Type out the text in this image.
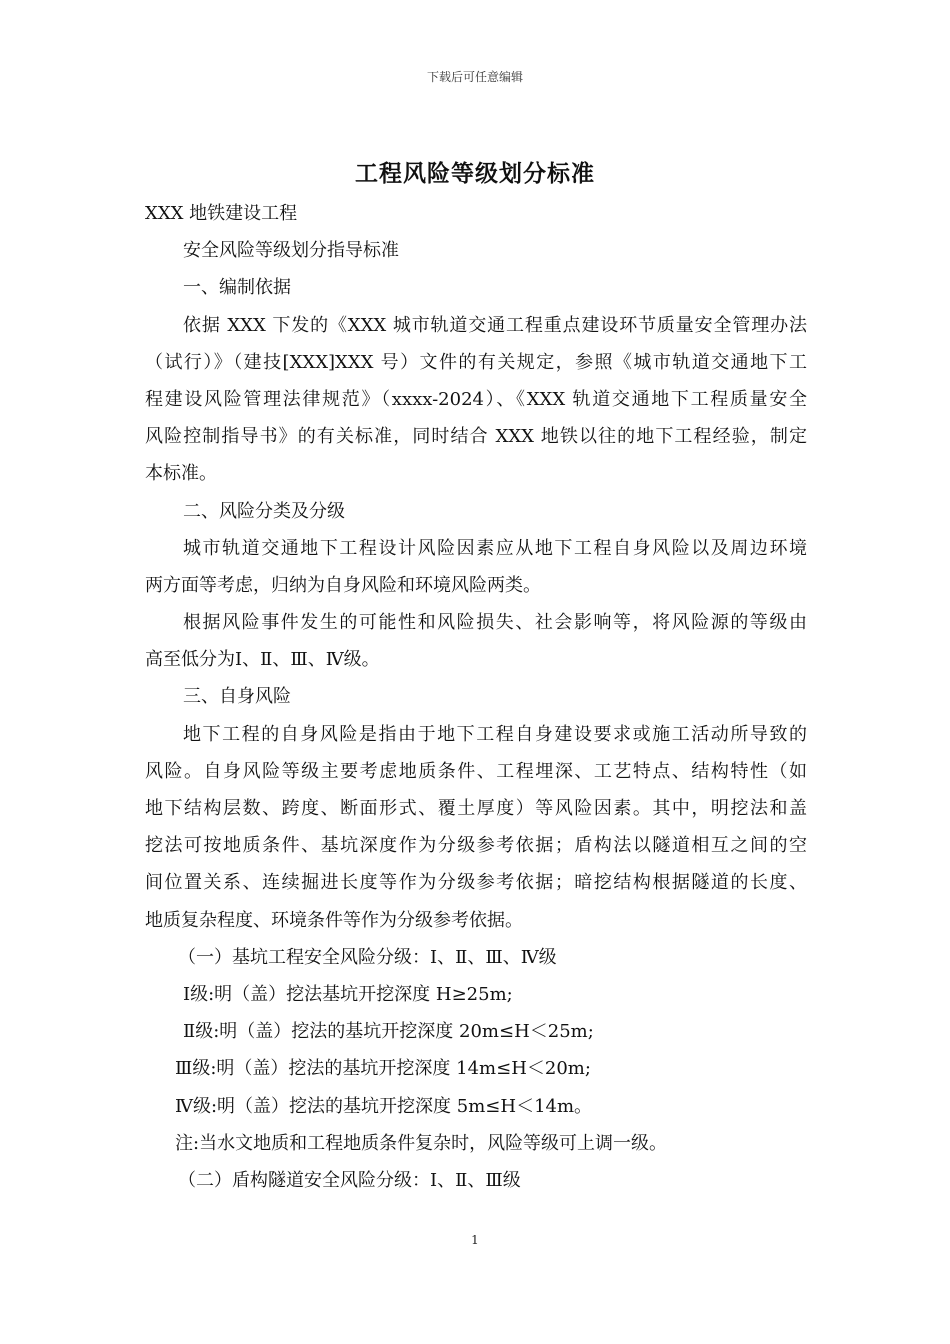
下载后可任意编辑
工程风险等级划分标准
XXX 地铁建设工程
安全风险等级划分指导标准
一、编制依据
依据 XXX 下发的《XXX 城市轨道交通工程重点建设环节质量安全管理办法
（试行）》（建技[XXX]XXX 号）文件的有关规定，参照《城市轨道交通地下工
程建设风险管理法律规范》（xxxx-2024）、《XXX 轨道交通地下工程质量安全
风险控制指导书》的有关标准，同时结合 XXX 地铁以往的地下工程经验，制定
本标准。
二、风险分类及分级
城市轨道交通地下工程设计风险因素应从地下工程自身风险以及周边环境
两方面等考虑，归纳为自身风险和环境风险两类。
根据风险事件发生的可能性和风险损失、社会影响等，将风险源的等级由
高至低分为Ⅰ、Ⅱ、Ⅲ、Ⅳ级。
三、自身风险
地下工程的自身风险是指由于地下工程自身建设要求或施工活动所导致的
风险。自身风险等级主要考虑地质条件、工程埋深、工艺特点、结构特性（如
地下结构层数、跨度、断面形式、覆土厚度）等风险因素。其中，明挖法和盖
挖法可按地质条件、基坑深度作为分级参考依据；盾构法以隧道相互之间的空
间位置关系、连续掘进长度等作为分级参考依据；暗挖结构根据隧道的长度、
地质复杂程度、环境条件等作为分级参考依据。
（一）基坑工程安全风险分级：Ⅰ、Ⅱ、Ⅲ、Ⅳ级
Ⅰ级:明（盖）挖法基坑开挖深度 H≥25m;
Ⅱ级:明（盖）挖法的基坑开挖深度 20m≤H＜25m;
Ⅲ级:明（盖）挖法的基坑开挖深度 14m≤H＜20m;
Ⅳ级:明（盖）挖法的基坑开挖深度 5m≤H＜14m。
注:当水文地质和工程地质条件复杂时，风险等级可上调一级。
（二）盾构隧道安全风险分级：Ⅰ、Ⅱ、Ⅲ级
1
